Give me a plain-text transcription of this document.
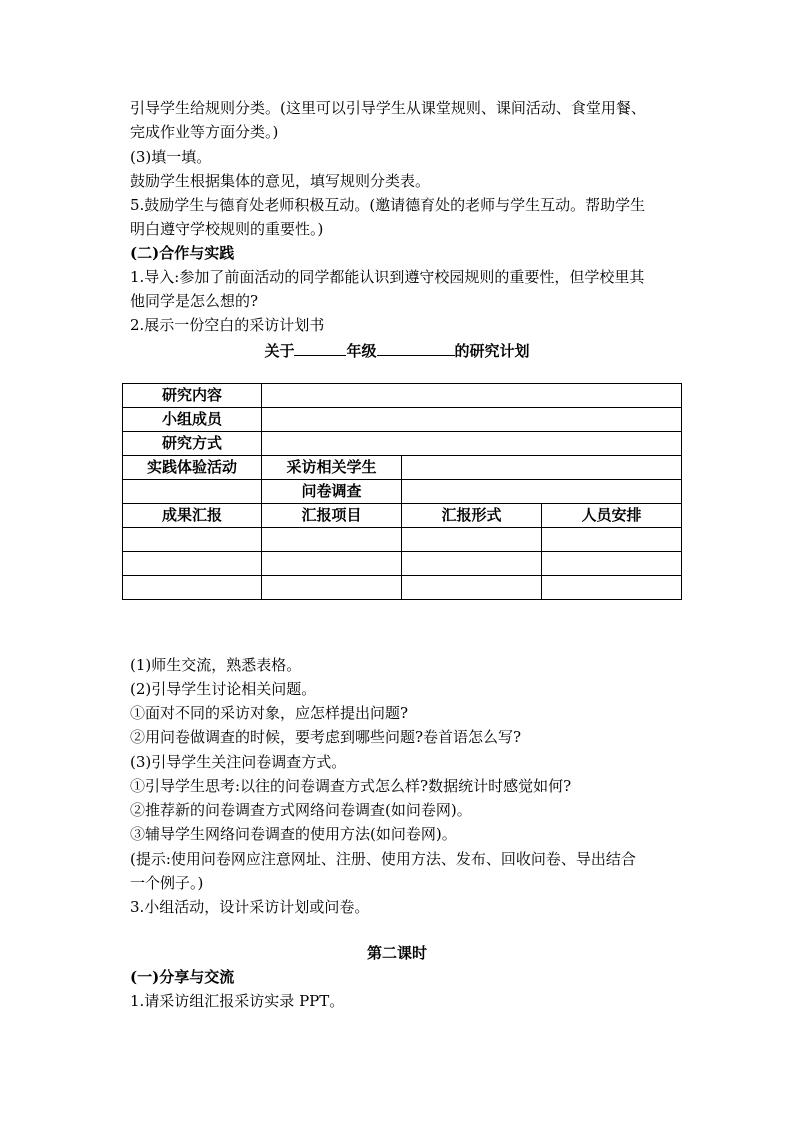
引导学生给规则分类。(这里可以引导学生从课堂规则、课间活动、食堂用餐、
完成作业等方面分类。)
(3)填一填。
鼓励学生根据集体的意见，填写规则分类表。
5.鼓励学生与德育处老师积极互动。(邀请德育处的老师与学生互动。帮助学生
明白遵守学校规则的重要性。)
(二)合作与实践
1.导入:参加了前面活动的同学都能认识到遵守校园规则的重要性，但学校里其
他同学是怎么想的?
2.展示一份空白的采访计划书
关于	年级	的研究计划
研究内容			
小组成员			
研究方式			
实践体验活动	采访相关学生		
	问卷调查		
成果汇报	汇报项目	汇报形式	人员安排

(1)师生交流，熟悉表格。
(2)引导学生讨论相关问题。
①面对不同的采访对象，应怎样提出问题?
②用问卷做调查的时候，要考虑到哪些问题?卷首语怎么写?
(3)引导学生关注问卷调查方式。
①引导学生思考:以往的问卷调查方式怎么样?数据统计时感觉如何?
②推荐新的问卷调查方式网络问卷调查(如问卷网)。
③辅导学生网络问卷调查的使用方法(如问卷网)。
(提示:使用问卷网应注意网址、注册、使用方法、发布、回收问卷、导出结合
一个例子。)
3.小组活动，设计采访计划或问卷。
第二课时
(一)分享与交流
1.请采访组汇报采访实录 PPT。
